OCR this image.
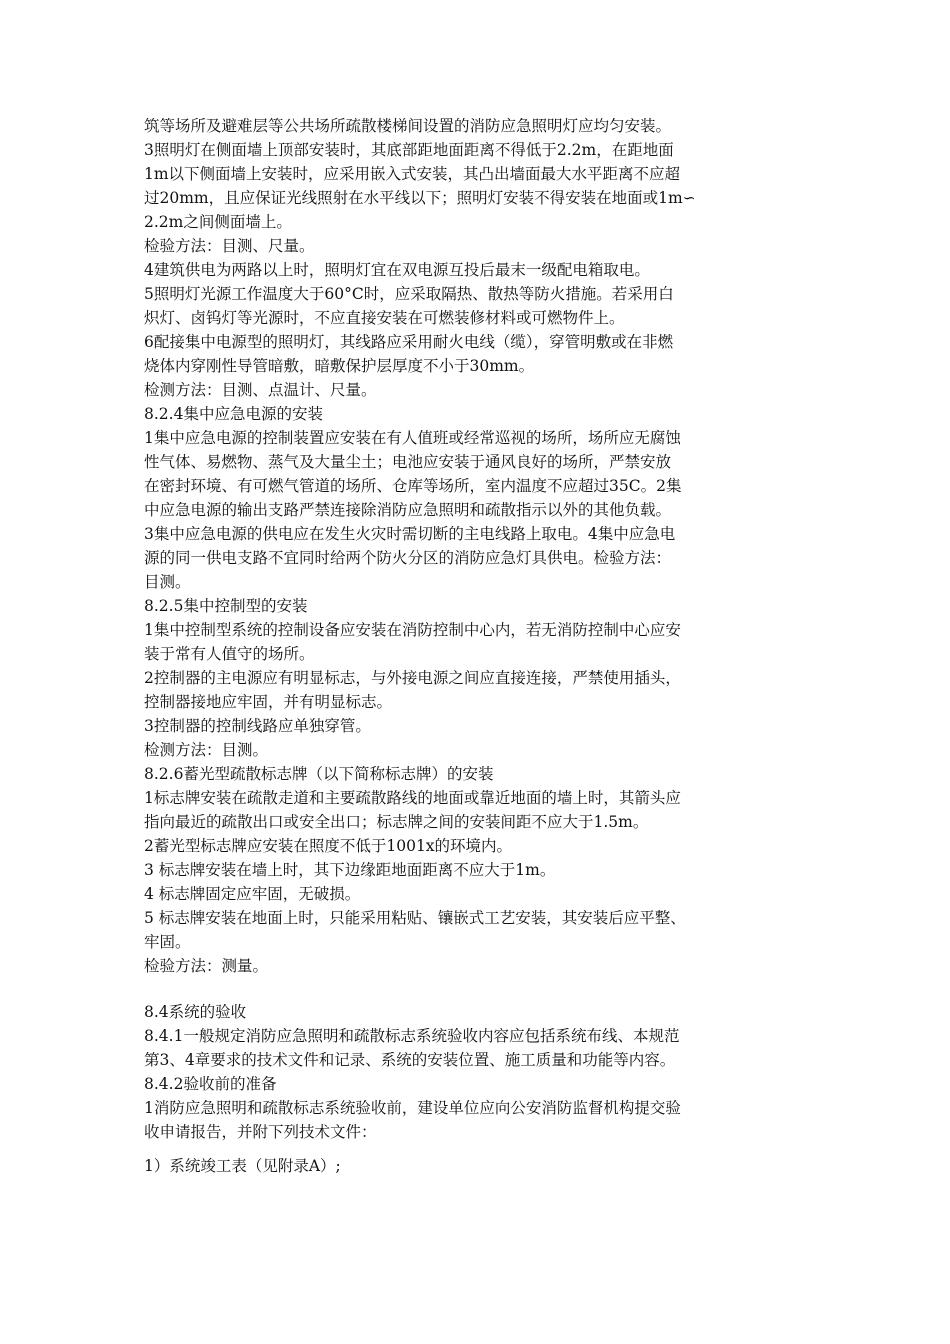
筑等场所及避难层等公共场所疏散楼梯间设置的消防应急照明灯应均匀安装。
3照明灯在侧面墙上顶部安装时，其底部距地面距离不得低于2.2m，在距地面
1m以下侧面墙上安装时，应采用嵌入式安装，其凸出墙面最大水平距离不应超
过20mm，且应保证光线照射在水平线以下；照明灯安装不得安装在地面或1m∽
2.2m之间侧面墙上。
检验方法：目测、尺量。
4建筑供电为两路以上时，照明灯宜在双电源互投后最末一级配电箱取电。
5照明灯光源工作温度大于60°C时，应采取隔热、散热等防火措施。若采用白
炽灯、卤钨灯等光源时，不应直接安装在可燃装修材料或可燃物件上。
6配接集中电源型的照明灯，其线路应采用耐火电线（缆），穿管明敷或在非燃
烧体内穿刚性导管暗敷，暗敷保护层厚度不小于30mm。
检测方法：目测、点温计、尺量。
8.2.4集中应急电源的安装
1集中应急电源的控制装置应安装在有人值班或经常巡视的场所，场所应无腐蚀
性气体、易燃物、蒸气及大量尘土；电池应安装于通风良好的场所，严禁安放
在密封环境、有可燃气管道的场所、仓库等场所，室内温度不应超过35C。2集
中应急电源的输出支路严禁连接除消防应急照明和疏散指示以外的其他负载。
3集中应急电源的供电应在发生火灾时需切断的主电线路上取电。4集中应急电
源的同一供电支路不宜同时给两个防火分区的消防应急灯具供电。检验方法：
目测。
8.2.5集中控制型的安装
1集中控制型系统的控制设备应安装在消防控制中心内，若无消防控制中心应安
装于常有人值守的场所。
2控制器的主电源应有明显标志，与外接电源之间应直接连接，严禁使用插头，
控制器接地应牢固，并有明显标志。
3控制器的控制线路应单独穿管。
检测方法：目测。
8.2.6蓄光型疏散标志牌（以下简称标志牌）的安装
1标志牌安装在疏散走道和主要疏散路线的地面或靠近地面的墙上时，其箭头应
指向最近的疏散出口或安全出口；标志牌之间的安装间距不应大于1.5m。
2蓄光型标志牌应安装在照度不低于1001x的环境内。
3 标志牌安装在墙上时，其下边缘距地面距离不应大于1m。
4 标志牌固定应牢固，无破损。
5 标志牌安装在地面上时，只能采用粘贴、镶嵌式工艺安装，其安装后应平整、
牢固。
检验方法：测量。
8.4系统的验收
8.4.1一般规定消防应急照明和疏散标志系统验收内容应包括系统布线、本规范
第3、4章要求的技术文件和记录、系统的安装位置、施工质量和功能等内容。
8.4.2验收前的准备
1消防应急照明和疏散标志系统验收前，建设单位应向公安消防监督机构提交验
收申请报告，并附下列技术文件：
1）系统竣工表（见附录A）;
